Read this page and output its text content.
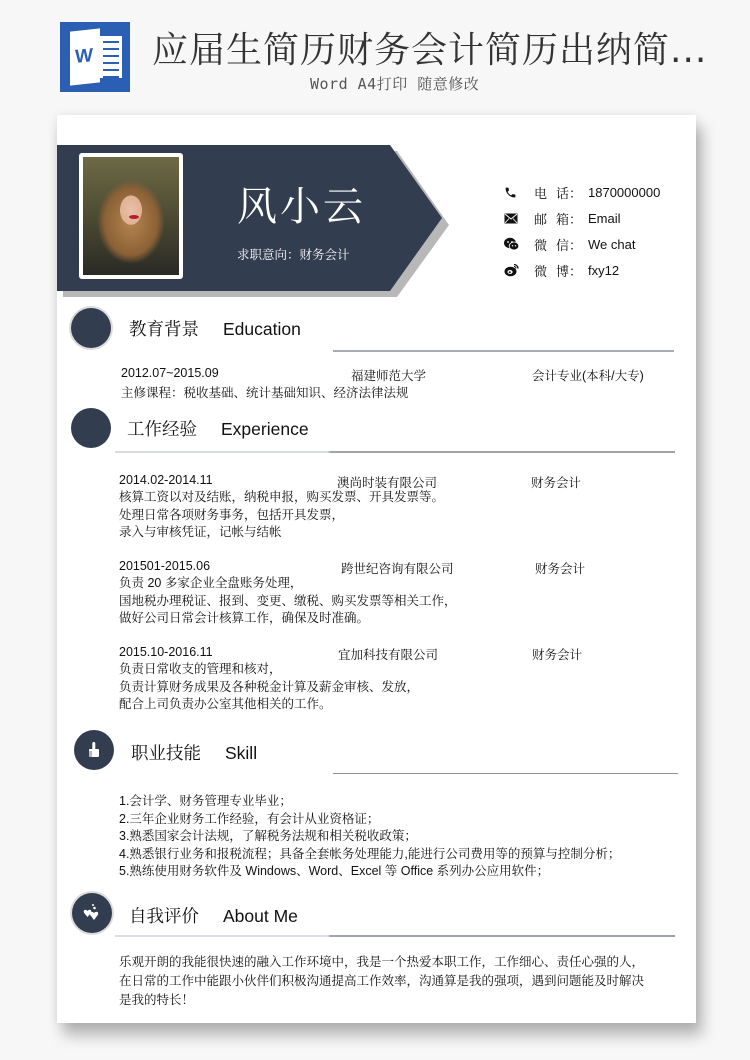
W 应届生简历财务会计简历出纳简...
Word A4打印 随意修改
风小云
求职意向：财务会计
电 话： 1870000000
邮 箱： Email
微 信： We chat
微 博： fxy12
教育背景 Education
2012.07~2015.09	福建师范大学	会计专业(本科/大专)
主修课程：税收基础、统计基础知识、经济法律法规
工作经验 Experience
2014.02-2014.11	澳尚时装有限公司	财务会计
核算工资以对及结账，纳税申报，购买发票、开具发票等。
处理日常各项财务事务，包括开具发票，
录入与审核凭证，记帐与结帐
201501-2015.06	跨世纪咨询有限公司	财务会计
负责 20 多家企业全盘账务处理，
国地税办理税证、报到、变更、缴税、购买发票等相关工作，
做好公司日常会计核算工作，确保及时准确。
2015.10-2016.11	宜加科技有限公司	财务会计
负责日常收支的管理和核对，
负责计算财务成果及各种税金计算及薪金审核、发放，
配合上司负责办公室其他相关的工作。
职业技能 Skill
1.会计学、财务管理专业毕业；
2.三年企业财务工作经验，有会计从业资格证；
3.熟悉国家会计法规，了解税务法规和相关税收政策；
4.熟悉银行业务和报税流程；具备全套帐务处理能力,能进行公司费用等的预算与控制分析；
5.熟练使用财务软件及 Windows、Word、Excel 等 Office 系列办公应用软件；
自我评价 About Me
乐观开朗的我能很快速的融入工作环境中，我是一个热爱本职工作，工作细心、责任心强的人，
在日常的工作中能跟小伙伴们积极沟通提高工作效率，沟通算是我的强项，遇到问题能及时解决
是我的特长！
